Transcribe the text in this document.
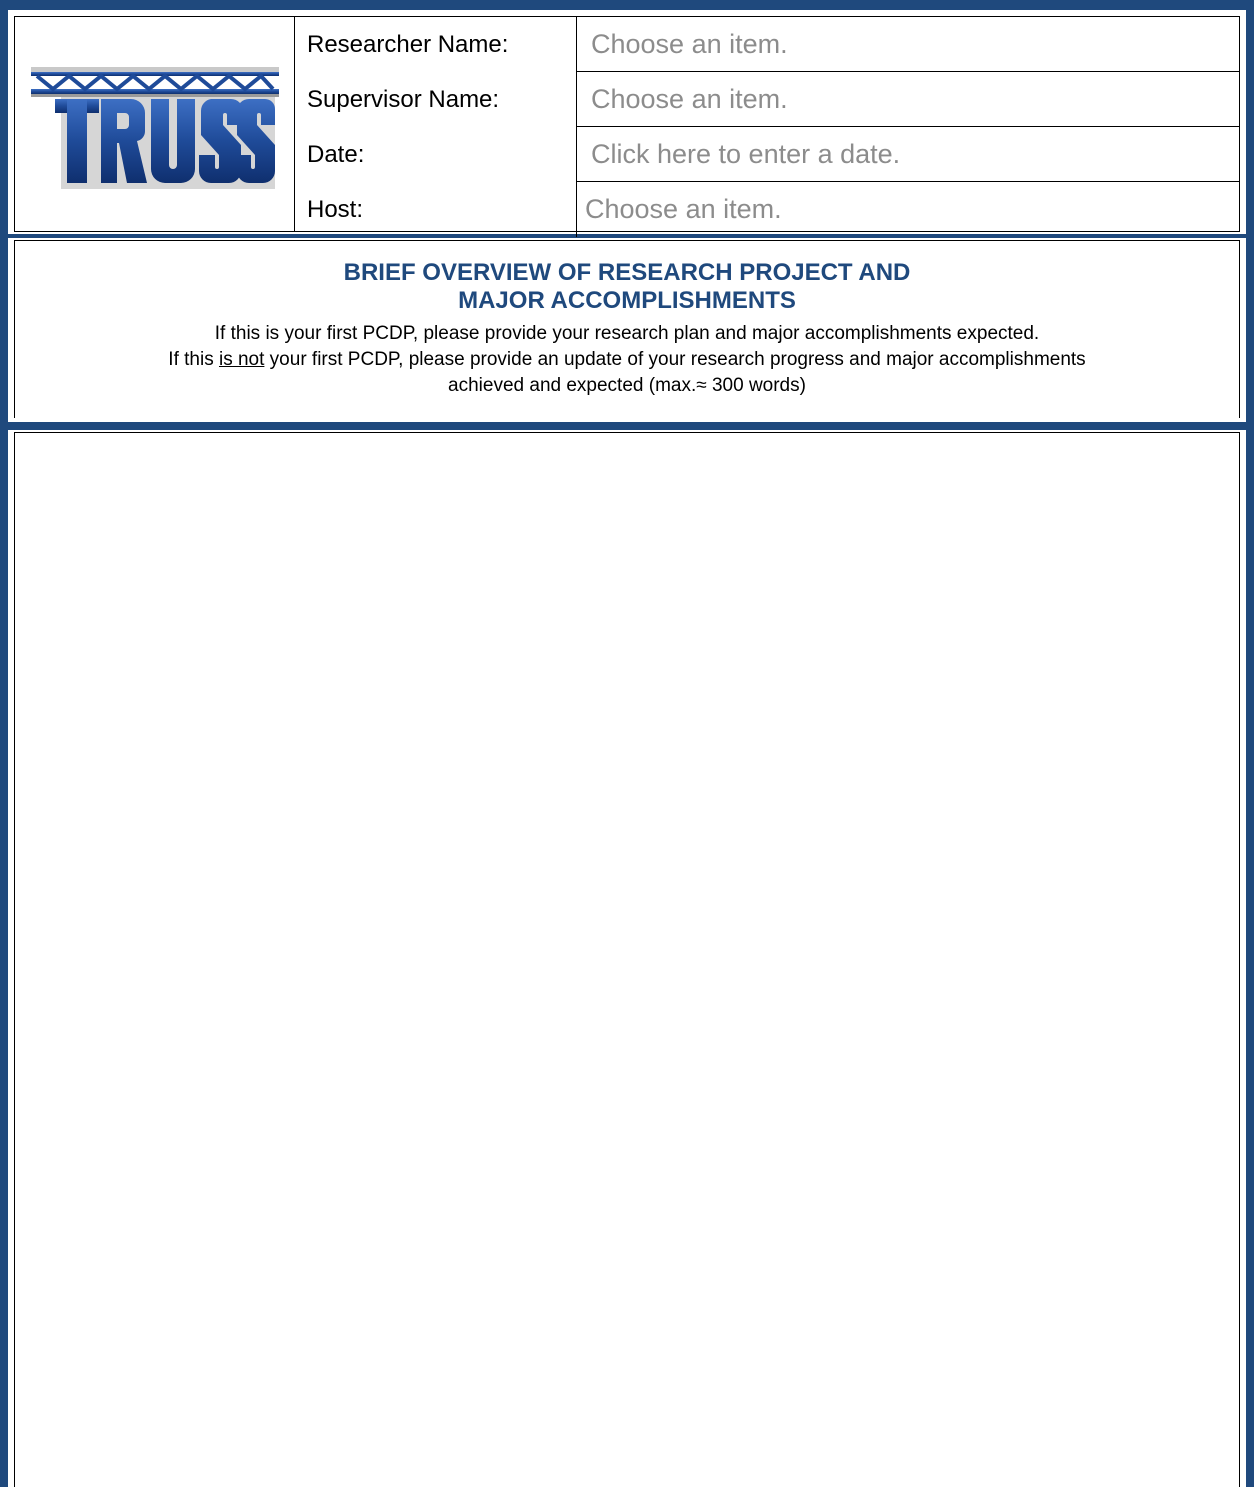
Researcher Name:	Choose an item.
Supervisor Name:	Choose an item.
Date:	Click here to enter a date.
Host:	Choose an item.
BRIEF OVERVIEW OF RESEARCH PROJECT AND
MAJOR ACCOMPLISHMENTS

If this is your first PCDP, please provide your research plan and major accomplishments expected.

If this is not your first PCDP, please provide an update of your research progress and major accomplishments

achieved and expected (max.≈ 300 words)
